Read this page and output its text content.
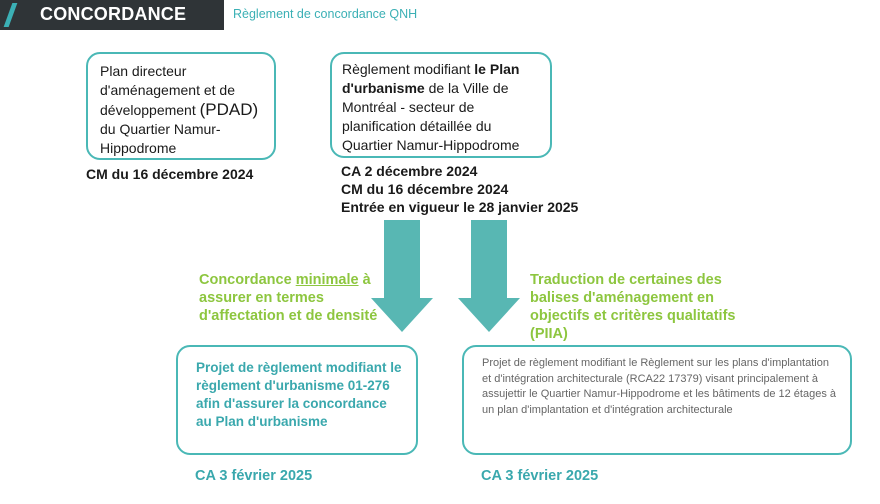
CONCORDANCE	Règlement de concordance QNH
Plan directeur d'aménagement et de développement (PDAD) du Quartier Namur-Hippodrome
CM du 16 décembre 2024
Règlement modifiant le Plan d'urbanisme de la Ville de Montréal - secteur de planification détaillée du Quartier Namur-Hippodrome
CA 2 décembre 2024
CM du 16 décembre 2024
Entrée en vigueur le 28 janvier 2025
Concordance minimale à assurer en termes d'affectation et de densité
Traduction de certaines des balises d'aménagement en objectifs et critères qualitatifs (PIIA)
Projet de règlement modifiant le règlement d'urbanisme 01-276 afin d'assurer la concordance au Plan d'urbanisme
Projet de règlement modifiant le Règlement sur les plans d'implantation et d'intégration architecturale (RCA22 17379) visant principalement à assujettir le Quartier Namur-Hippodrome et les bâtiments de 12 étages à un plan d'implantation et d'intégration architecturale
CA 3 février 2025	CA 3 février 2025
